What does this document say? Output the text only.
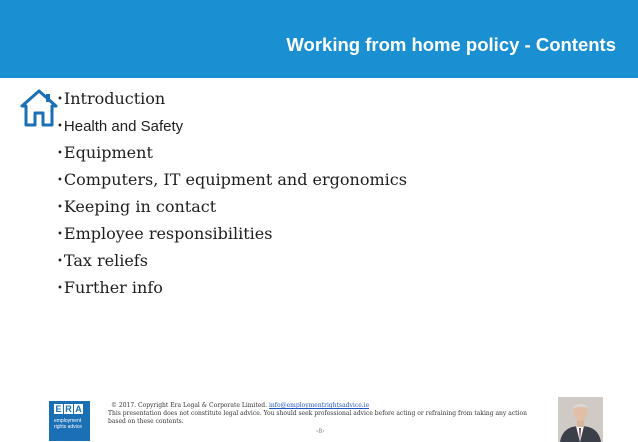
Working from home policy - Contents
•Introduction
•Health and Safety
•Equipment
•Computers, IT equipment and ergonomics
•Keeping in contact
•Employee responsibilities
•Tax reliefs
•Further info
E R A
employment
rights advice
© 2017. Copyright Era Legal & Corporate Limited. info@employmentrightsadvice.ie
This presentation does not constitute legal advice. You should seek professional advice before acting or refraining from taking any action
based on these contents.
‹8›
